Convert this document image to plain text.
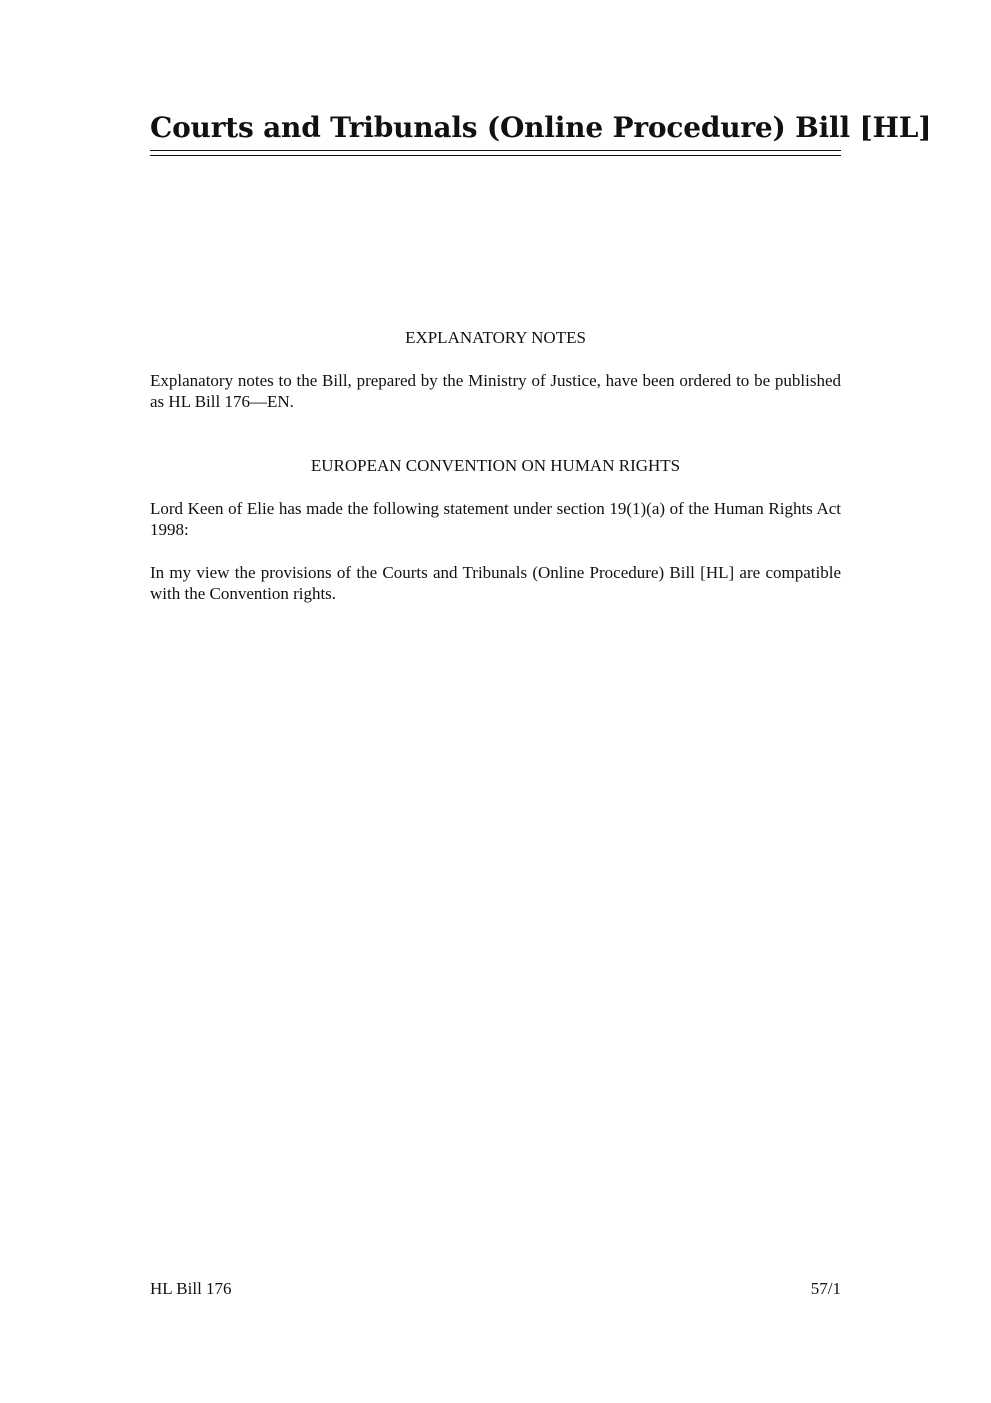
Courts and Tribunals (Online Procedure) Bill [HL]

EXPLANATORY NOTES

Explanatory notes to the Bill, prepared by the Ministry of Justice, have been ordered to be published as HL Bill 176—EN.

EUROPEAN CONVENTION ON HUMAN RIGHTS

Lord Keen of Elie has made the following statement under section 19(1)(a) of the Human Rights Act 1998:

In my view the provisions of the Courts and Tribunals (Online Procedure) Bill [HL] are compatible with the Convention rights.

HL Bill 176	57/1
